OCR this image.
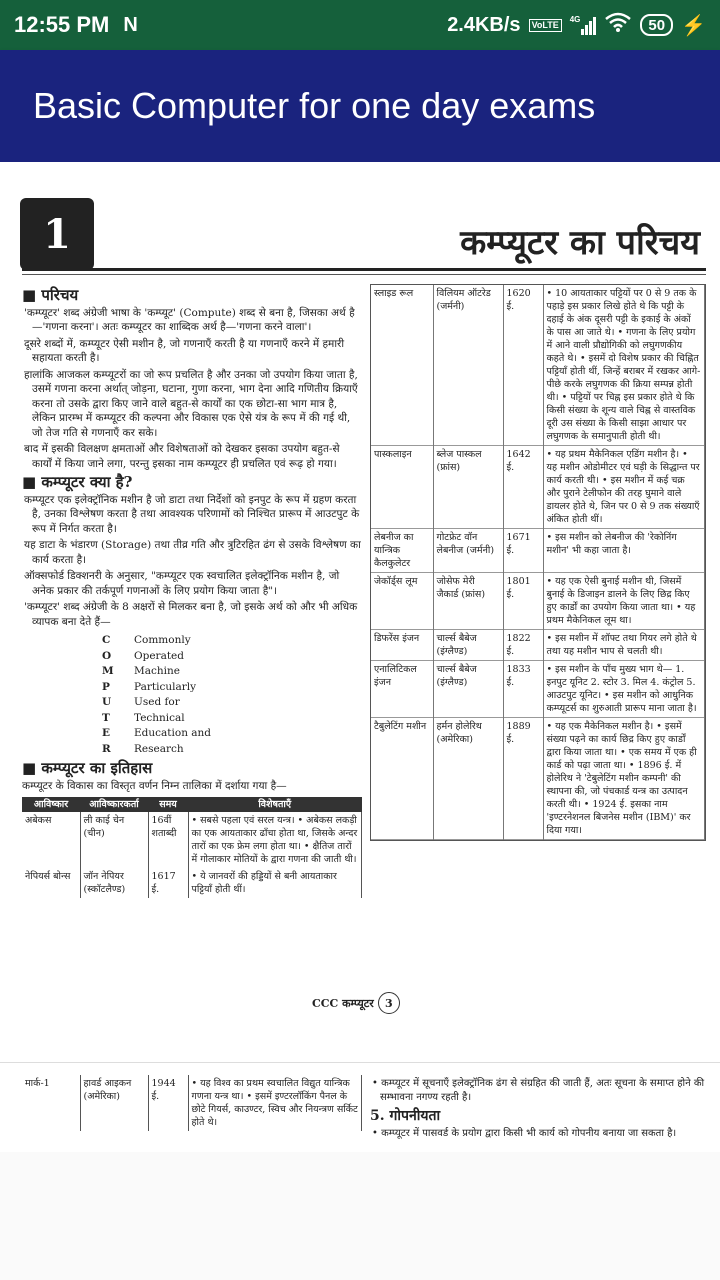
12:55 PM N	2.4KB/s	VoLTE	4G	50 ⚡
Basic Computer for one day exams
1	कम्प्यूटर का परिचय
■ परिचय
'कम्प्यूटर' शब्द अंग्रेजी भाषा के 'कम्प्यूट' (Compute) शब्द से बना है, जिसका अर्थ है—'गणना करना'। अतः कम्प्यूटर का शाब्दिक अर्थ है—'गणना करने वाला'।
दूसरे शब्दों में, कम्प्यूटर ऐसी मशीन है, जो गणनाएँ करती है या गणनाएँ करने में हमारी सहायता करती है।
हालांकि आजकल कम्प्यूटरों का जो रूप प्रचलित है और उनका जो उपयोग किया जाता है, उसमें गणना करना अर्थात् जोड़ना, घटाना, गुणा करना, भाग देना आदि गणितीय क्रियाएँ करना तो उसके द्वारा किए जाने वाले बहुत-से कार्यों का एक छोटा-सा भाग मात्र है, लेकिन प्रारम्भ में कम्प्यूटर की कल्पना और विकास एक ऐसे यंत्र के रूप में की गई थी, जो तेज गति से गणनाएँ कर सके।
बाद में इसकी विलक्षण क्षमताओं और विशेषताओं को देखकर इसका उपयोग बहुत-से कार्यों में किया जाने लगा, परन्तु इसका नाम कम्प्यूटर ही प्रचलित एवं रूढ़ हो गया।
■ कम्प्यूटर क्या है?
कम्प्यूटर एक इलेक्ट्रॉनिक मशीन है जो डाटा तथा निर्देशों को इनपुट के रूप में ग्रहण करता है, उनका विश्लेषण करता है तथा आवश्यक परिणामों को निश्चित प्रारूप में आउटपुट के रूप में निर्गत करता है।
यह डाटा के भंडारण (Storage) तथा तीव्र गति और त्रुटिरहित ढंग से उसके विश्लेषण का कार्य करता है।
ऑक्सफोर्ड डिक्शनरी के अनुसार, "कम्प्यूटर एक स्वचालित इलेक्ट्रॉनिक मशीन है, जो अनेक प्रकार की तर्कपूर्ण गणनाओं के लिए प्रयोग किया जाता है"।
'कम्प्यूटर' शब्द अंग्रेजी के 8 अक्षरों से मिलकर बना है, जो इसके अर्थ को और भी अधिक व्यापक बना देते हैं—
C	Commonly
O	Operated
M	Machine
P	Particularly
U	Used for
T	Technical
E	Education and
R	Research
■ कम्प्यूटर का इतिहास
कम्प्यूटर के विकास का विस्तृत वर्णन निम्न तालिका में दर्शाया गया है—
आविष्कार	आविष्कारकर्ता	समय	विशेषताएँ
अबेकस	ली काई चेन (चीन)	16वीं शताब्दी	• सबसे पहला एवं सरल यन्त्र। • अबेकस लकड़ी का एक आयताकार ढाँचा होता था, जिसके अन्दर तारों का एक फ्रेम लगा होता था। • क्षैतिज तारों में गोलाकार मोतियों के द्वारा गणना की जाती थी।
नेपियर्स बोन्स	जॉन नेपियर (स्कॉटलैण्ड)	1617 ई.	• ये जानवरों की हड्डियों से बनी आयताकार पट्टियाँ होती थीं।
स्लाइड रूल	विलियम ऑटरेड (जर्मनी)	1620 ई.	• 10 आयताकार पट्टियों पर 0 से 9 तक के पहाड़े इस प्रकार लिखे होते थे कि पट्टी के दहाई के अंक दूसरी पट्टी के इकाई के अंकों के पास आ जाते थे। • गणना के लिए प्रयोग में आने वाली प्रौद्योगिकी को लघुगणकीय कहते थे। • इसमें दो विशेष प्रकार की चिह्नित पट्टियाँ होती थीं, जिन्हें बराबर में रखकर आगे-पीछे करके लघुगणक की क्रिया सम्पन्न होती थी। • पट्टियों पर चिह्न इस प्रकार होते थे कि किसी संख्या के शून्य वाले चिह्न से वास्तविक दूरी उस संख्या के किसी साझा आधार पर लघुगणक के समानुपाती होती थी।
पास्कलाइन	ब्लेज पास्कल (फ्रांस)	1642 ई.	• यह प्रथम मैकेनिकल एडिंग मशीन है। • यह मशीन ओडोमीटर एवं घड़ी के सिद्धान्त पर कार्य करती थी। • इस मशीन में कई चक्र और पुराने टेलीफोन की तरह घुमाने वाले डायलर होते थे, जिन पर 0 से 9 तक संख्याएँ अंकित होती थीं।
लेबनीज का यान्त्रिक कैलकुलेटर	गोटफ्रेट वॉन लेबनीज (जर्मनी)	1671 ई.	• इस मशीन को लेबनीज की 'रेकोनिंग मशीन' भी कहा जाता है।
जेकॉर्ड्स लूम	जोसेफ मेरी जैकार्ड (फ्रांस)	1801 ई.	• यह एक ऐसी बुनाई मशीन थी, जिसमें बुनाई के डिजाइन डालने के लिए छिद्र किए हुए कार्डों का उपयोग किया जाता था। • यह प्रथम मैकेनिकल लूम था।
डिफरेंस इंजन	चार्ल्स बैबेज (इंग्लैण्ड)	1822 ई.	• इस मशीन में शॉफ्ट तथा गियर लगे होते थे तथा यह मशीन भाप से चलती थी।
एनालिटिकल इंजन	चार्ल्स बैबेज (इंग्लैण्ड)	1833 ई.	• इस मशीन के पाँच मुख्य भाग थे— 1. इनपुट यूनिट 2. स्टोर 3. मिल 4. कंट्रोल 5. आउटपुट यूनिट। • इस मशीन को आधुनिक कम्प्यूटर्स का शुरुआती प्रारूप माना जाता है।
टैबुलेटिंग मशीन	हर्मन होलेरिथ (अमेरिका)	1889 ई.	• यह एक मैकेनिकल मशीन है। • इसमें संख्या पढ़ने का कार्य छिद्र किए हुए कार्डों द्वारा किया जाता था। • एक समय में एक ही कार्ड को पढ़ा जाता था। • 1896 ई. में होलेरिथ ने 'टेबुलेटिंग मशीन कम्पनी' की स्थापना की, जो पंचकार्ड यन्त्र का उत्पादन करती थी। • 1924 ई. इसका नाम 'इण्टरनेशनल बिजनेस मशीन (IBM)' कर दिया गया।
CCC कम्प्यूटर	3
मार्क-1	हावर्ड आइकन (अमेरिका)	1944 ई.	• यह विश्व का प्रथम स्वचालित विद्युत यान्त्रिक गणना यन्त्र था। • इसमें इण्टरलॉकिंग पैनल के छोटे गियर्स, काउण्टर, स्विच और नियन्त्रण सर्किट होते थे।
• कम्प्यूटर में सूचनाएँ इलेक्ट्रॉनिक ढंग से संग्रहित की जाती हैं, अतः सूचना के समाप्त होने की सम्भावना नगण्य रहती है।
5. गोपनीयता
• कम्प्यूटर में पासवर्ड के प्रयोग द्वारा किसी भी कार्य को गोपनीय बनाया जा सकता है।
